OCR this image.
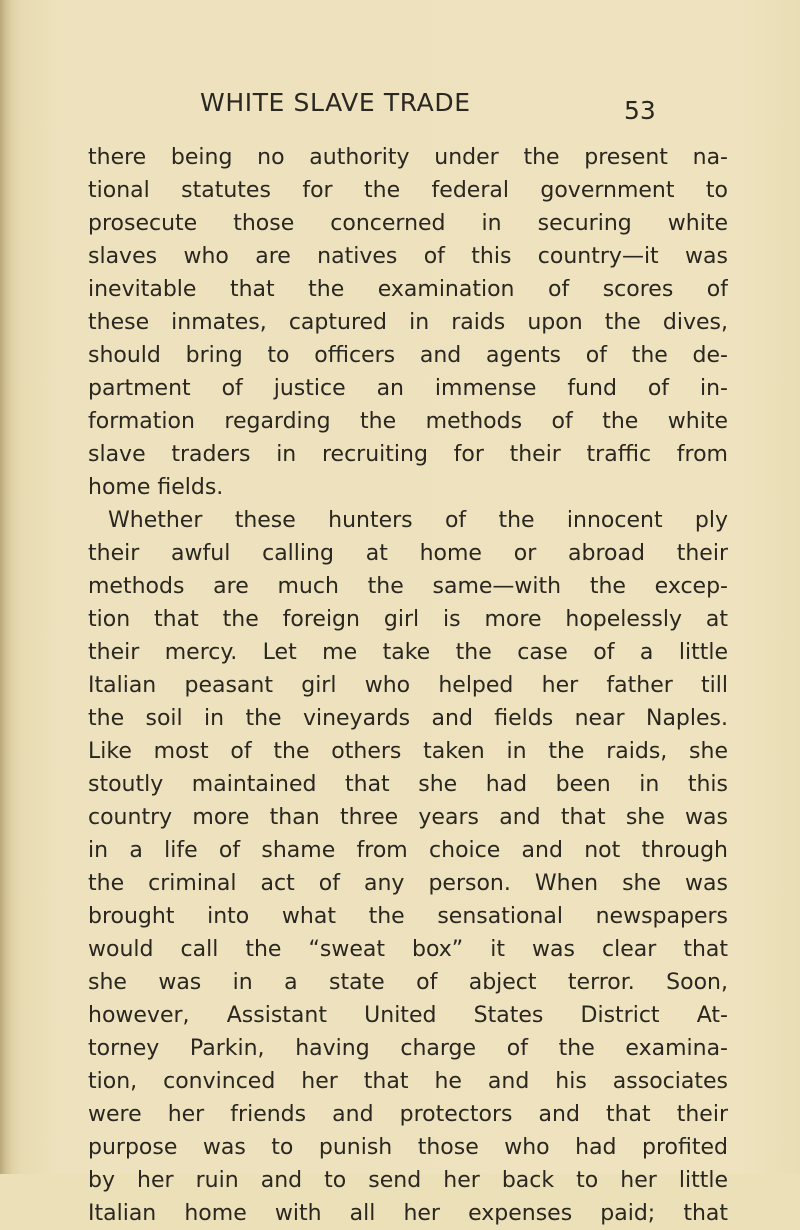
WHITE SLAVE TRADE	53
there being no authority under the present na-
tional statutes for the federal government to
prosecute those concerned in securing white
slaves who are natives of this country—it was
inevitable that the examination of scores of
these inmates, captured in raids upon the dives,
should bring to officers and agents of the de-
partment of justice an immense fund of in-
formation regarding the methods of the white
slave traders in recruiting for their traffic from
home fields.
Whether these hunters of the innocent ply
their awful calling at home or abroad their
methods are much the same—with the excep-
tion that the foreign girl is more hopelessly at
their mercy. Let me take the case of a little
Italian peasant girl who helped her father till
the soil in the vineyards and fields near Naples.
Like most of the others taken in the raids, she
stoutly maintained that she had been in this
country more than three years and that she was
in a life of shame from choice and not through
the criminal act of any person. When she was
brought into what the sensational newspapers
would call the “sweat box” it was clear that
she was in a state of abject terror. Soon,
however, Assistant United States District At-
torney Parkin, having charge of the examina-
tion, convinced her that he and his associates
were her friends and protectors and that their
purpose was to punish those who had profited
by her ruin and to send her back to her little
Italian home with all her expenses paid; that
